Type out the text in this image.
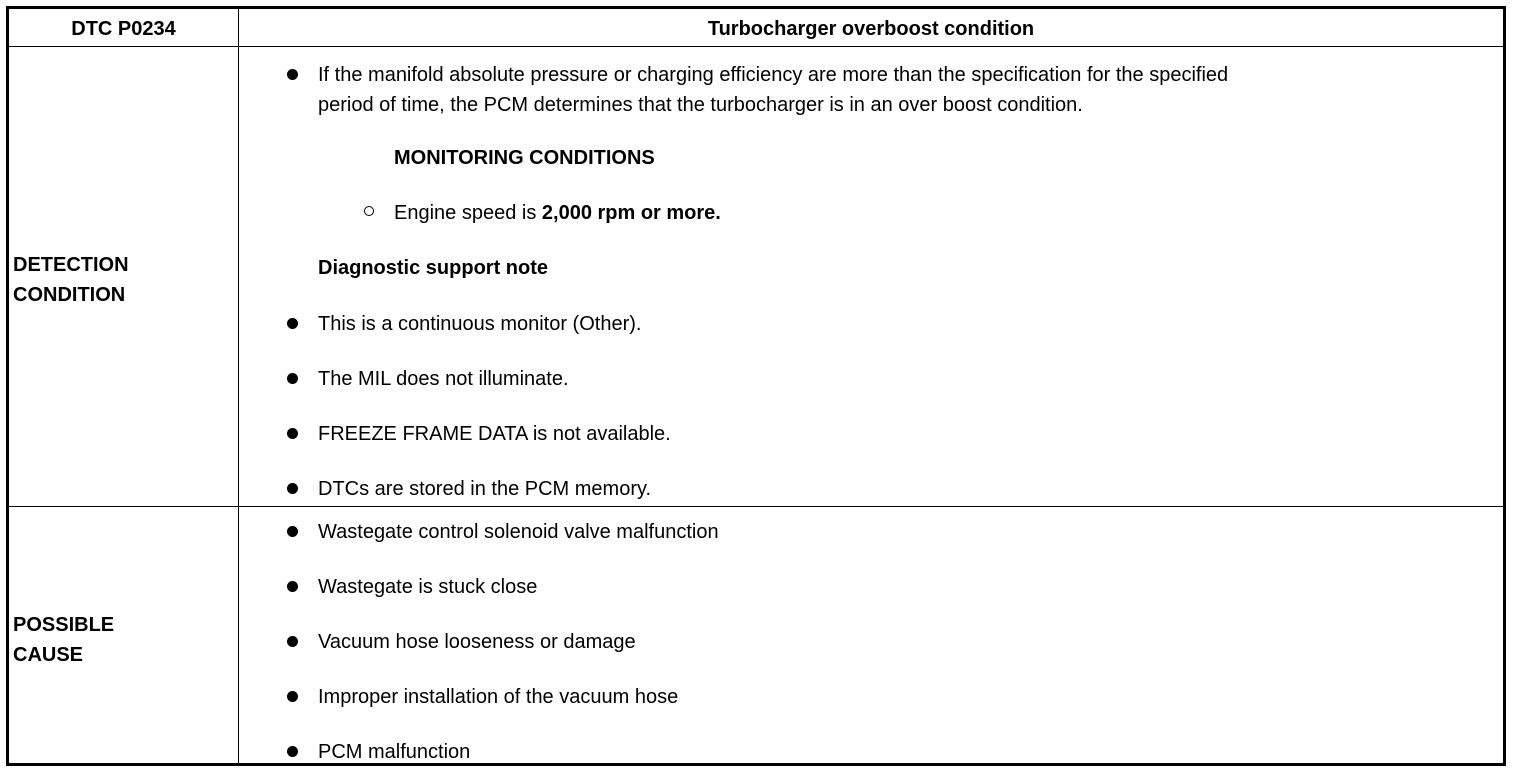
DTC P0234	Turbocharger overboost condition
DETECTION
CONDITION
If the manifold absolute pressure or charging efficiency are more than the specification for the specified
period of time, the PCM determines that the turbocharger is in an over boost condition.
MONITORING CONDITIONS
Engine speed is 2,000 rpm or more.
Diagnostic support note
This is a continuous monitor (Other).
The MIL does not illuminate.
FREEZE FRAME DATA is not available.
DTCs are stored in the PCM memory.
POSSIBLE
CAUSE
Wastegate control solenoid valve malfunction
Wastegate is stuck close
Vacuum hose looseness or damage
Improper installation of the vacuum hose
PCM malfunction
